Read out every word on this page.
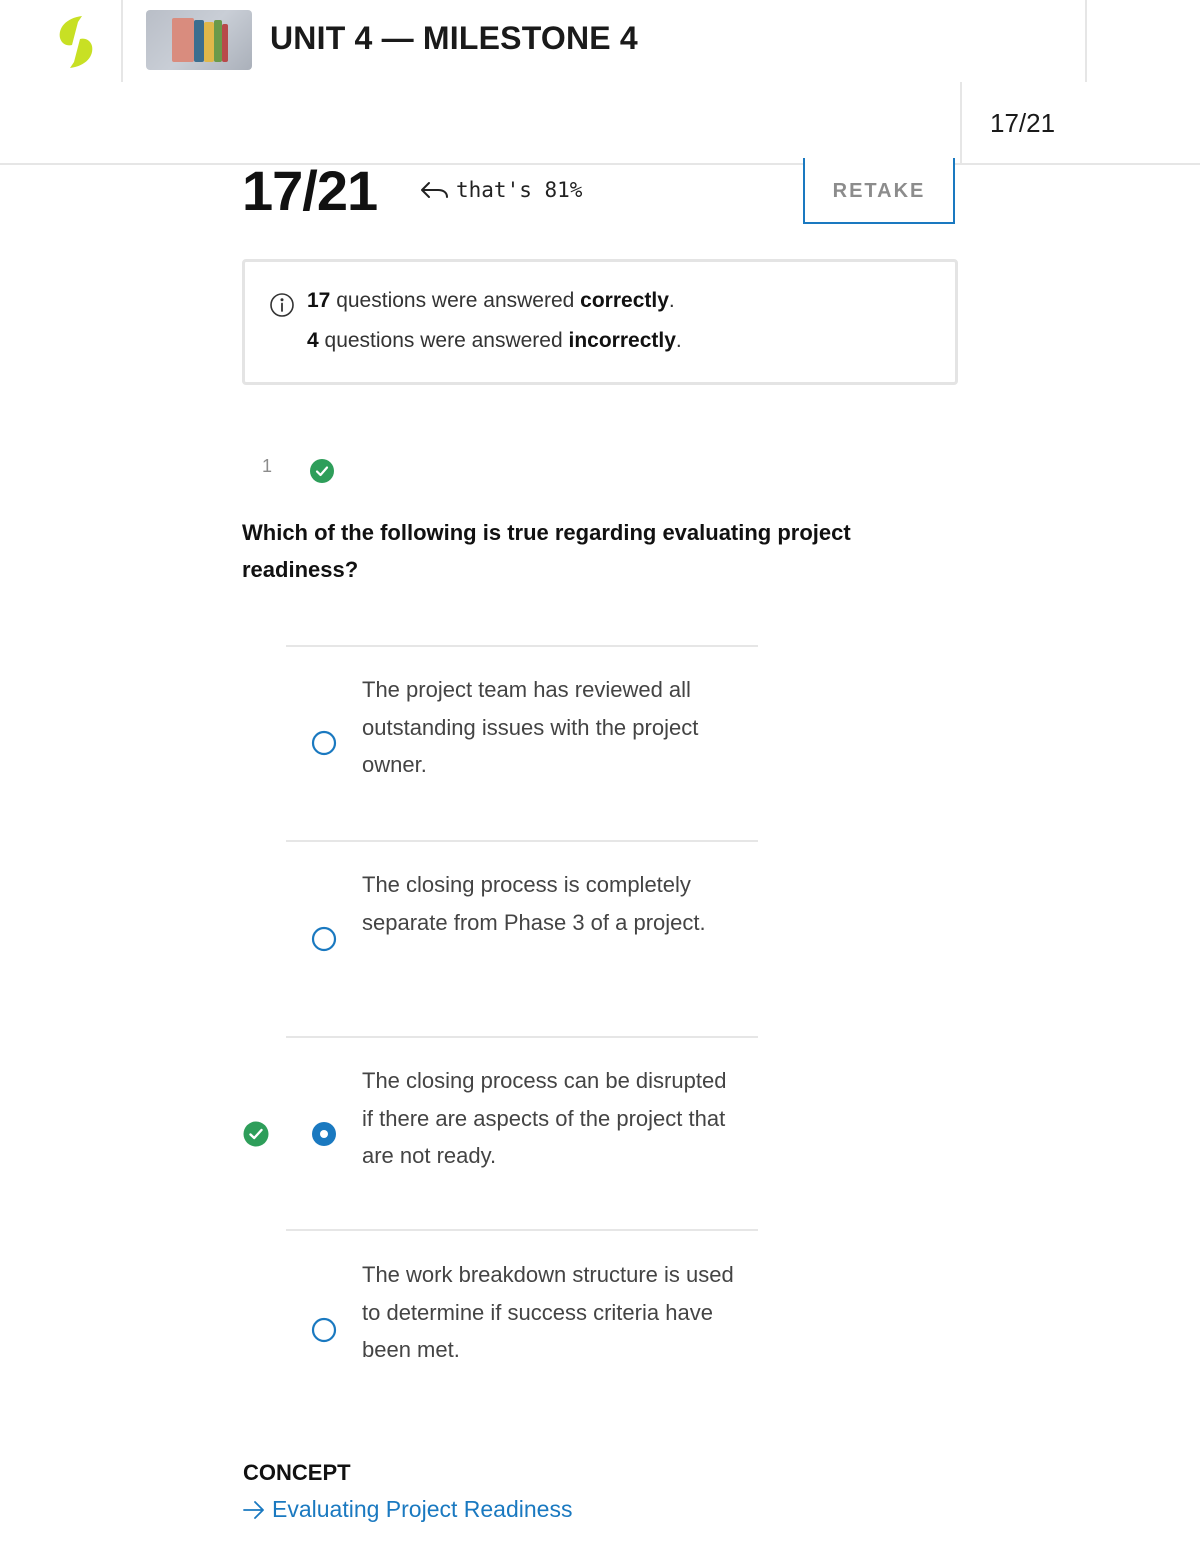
UNIT 4 — MILESTONE 4
17/21
17/21	that's 81%	RETAKE
17 questions were answered correctly.
4 questions were answered incorrectly.
1
Which of the following is true regarding evaluating project readiness?
The project team has reviewed all outstanding issues with the project owner.
The closing process is completely separate from Phase 3 of a project.
The closing process can be disrupted if there are aspects of the project that are not ready.
The work breakdown structure is used to determine if success criteria have been met.
CONCEPT
Evaluating Project Readiness
